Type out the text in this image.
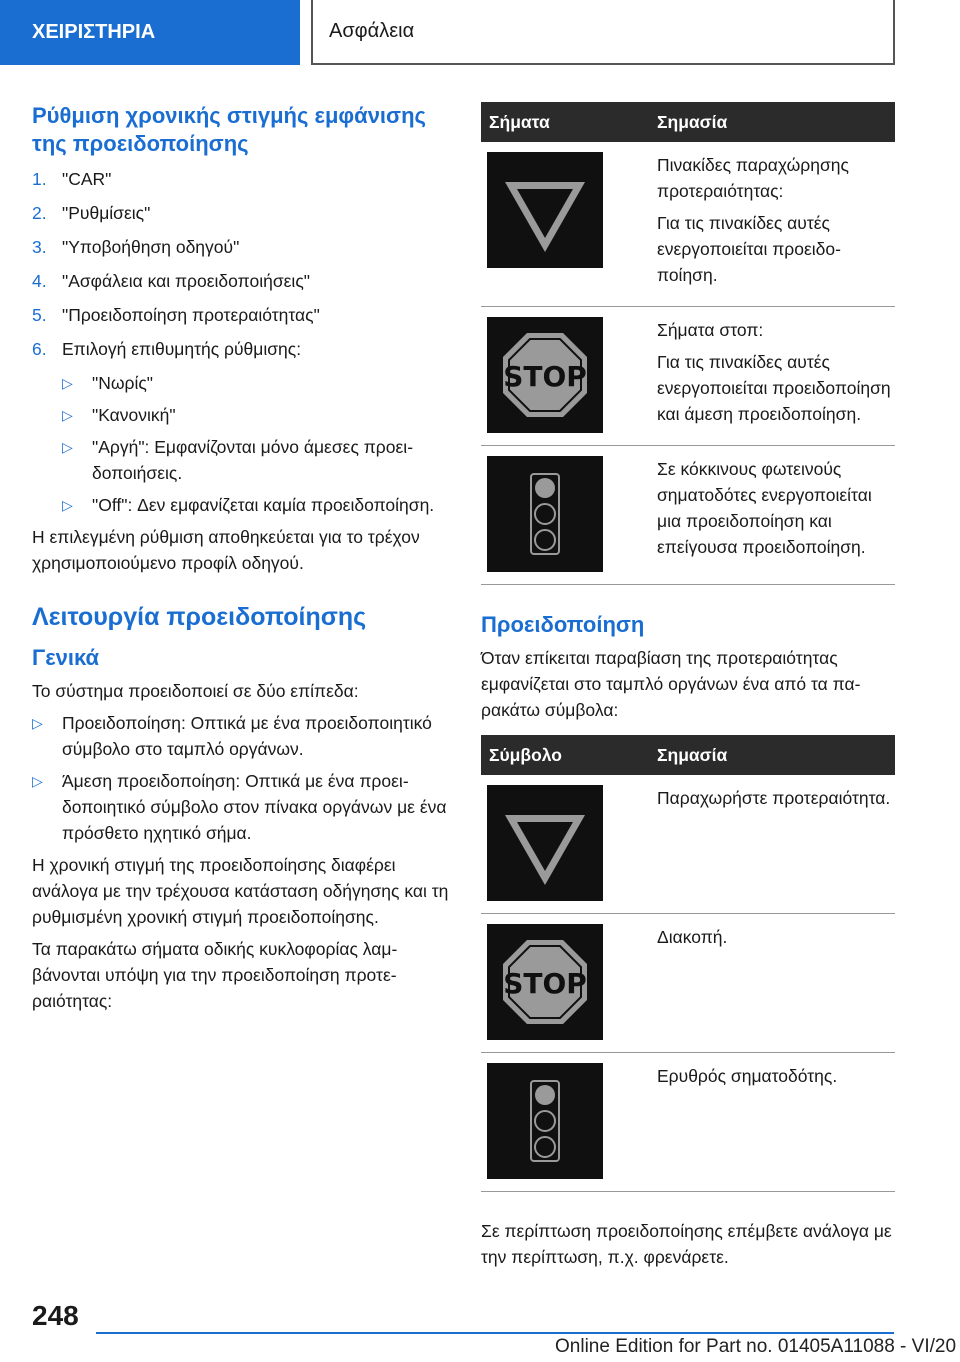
ΧΕΙΡΙΣΤΗΡΙΑ	Ασφάλεια
Ρύθμιση χρονικής στιγμής εμφάνισης της προειδοποίησης
1. "CAR"
2. "Ρυθμίσεις"
3. "Υποβοήθηση οδηγού"
4. "Ασφάλεια και προειδοποιήσεις"
5. "Προειδοποίηση προτεραιότητας"
6. Επιλογή επιθυμητής ρύθμισης:
▷	"Νωρίς"
▷	"Κανονική"
▷	"Αργή": Εμφανίζονται μόνο άμεσες προειδοποιήσεις.
▷	"Off": Δεν εμφανίζεται καμία προειδοποίηση.

Η επιλεγμένη ρύθμιση αποθηκεύεται για το τρέχον χρησιμοποιούμενο προφίλ οδηγού.

Λειτουργία προειδοποίησης
Γενικά

Το σύστημα προειδοποιεί σε δύο επίπεδα:

▷	Προειδοποίηση: Οπτικά με ένα προειδοποιητικό σύμβολο στο ταμπλό οργάνων.
▷	Άμεση προειδοποίηση: Οπτικά με ένα προειδοποιητικό σύμβολο στον πίνακα οργάνων με ένα πρόσθετο ηχητικό σήμα.

Η χρονική στιγμή της προειδοποίησης διαφέρει ανάλογα με την τρέχουσα κατάσταση οδήγησης και τη ρυθμισμένη χρονική στιγμή προειδοποίησης.

Τα παρακάτω σήματα οδικής κυκλοφορίας λαμβάνονται υπόψη για την προειδοποίηση προτεραιότητας:

Σήματα	Σημασία

Πινακίδες παραχώρησης προτεραιότητας:

Για τις πινακίδες αυτές ενεργοποιείται προειδοποίηση.

STOP	Σήματα στοπ:

Για τις πινακίδες αυτές ενεργοποιείται προειδοποίηση και άμεση προειδοποίηση.

Σε κόκκινους φωτεινούς σηματοδότες ενεργοποιείται μια προειδοποίηση και επείγουσα προειδοποίηση.

Προειδοποίηση

Όταν επίκειται παραβίαση της προτεραιότητας εμφανίζεται στο ταμπλό οργάνων ένα από τα παρακάτω σύμβολα:

Σύμβολο	Σημασία

Παραχωρήστε προτεραιότητα.

STOP	Διακοπή.

Ερυθρός σηματοδότης.

Σε περίπτωση προειδοποίησης επέμβετε ανάλογα με την περίπτωση, π.χ. φρενάρετε.

248
Online Edition for Part no. 01405A11088 - VI/20
